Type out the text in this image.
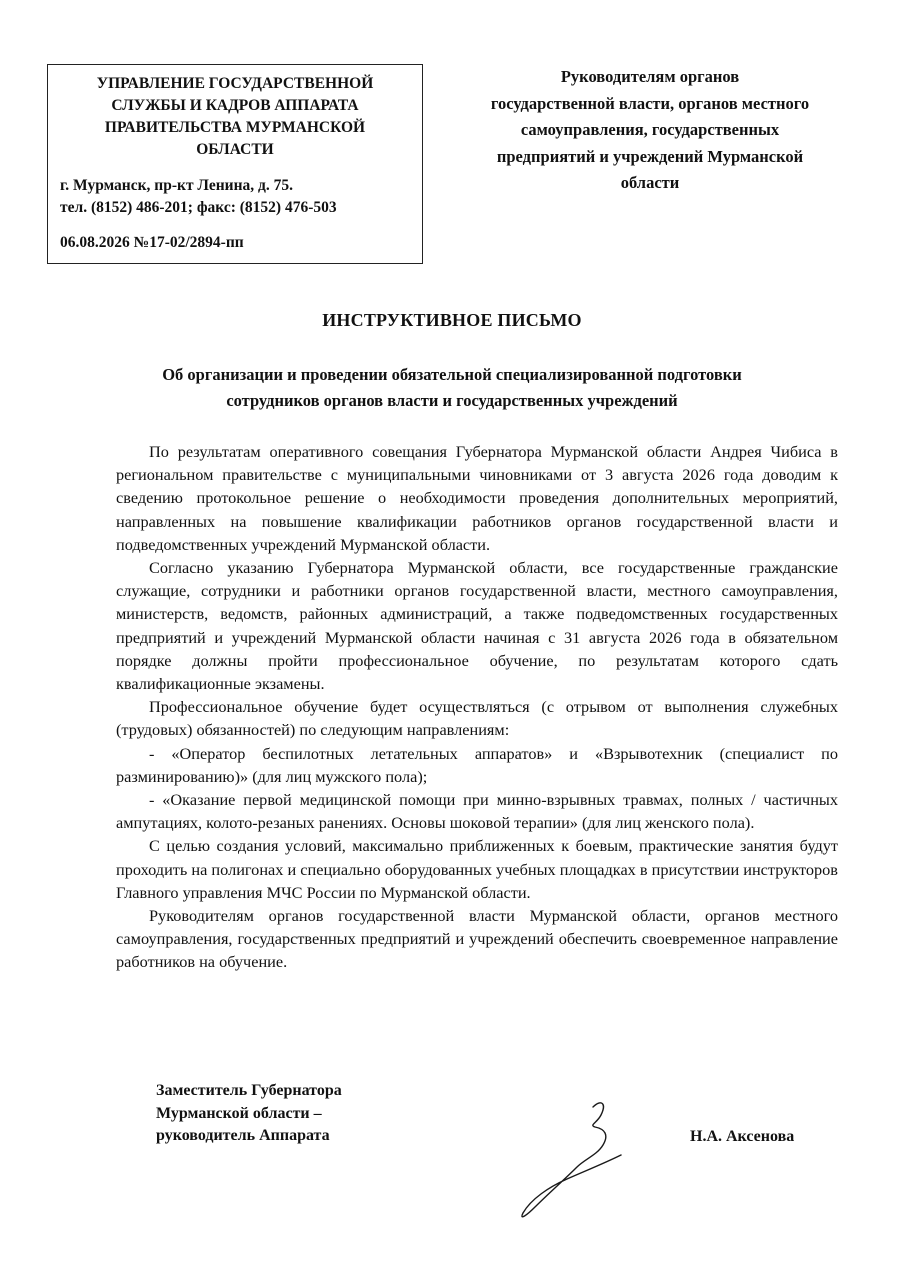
УПРАВЛЕНИЕ ГОСУДАРСТВЕННОЙ
СЛУЖБЫ И КАДРОВ АППАРАТА
ПРАВИТЕЛЬСТВА МУРМАНСКОЙ
ОБЛАСТИ
г. Мурманск, пр-кт Ленина, д. 75.
тел. (8152) 486-201; факс: (8152) 476-503
06.08.2026 №17-02/2894-пп
Руководителям органов
государственной власти, органов местного
самоуправления, государственных
предприятий и учреждений Мурманской
области
ИНСТРУКТИВНОЕ ПИСЬМО
Об организации и проведении обязательной специализированной подготовки
сотрудников органов власти и государственных учреждений

По результатам оперативного совещания Губернатора Мурманской области Андрея Чибиса в региональном правительстве с муниципальными чиновниками от 3 августа 2026 года доводим к сведению протокольное решение о необходимости проведения дополнительных мероприятий, направленных на повышение квалификации работников органов государственной власти и подведомственных учреждений Мурманской области.

Согласно указанию Губернатора Мурманской области, все государственные гражданские служащие, сотрудники и работники органов государственной власти, местного самоуправления, министерств, ведомств, районных администраций, а также подведомственных государственных предприятий и учреждений Мурманской области начиная с 31 августа 2026 года в обязательном порядке должны пройти профессиональное обучение, по результатам которого сдать квалификационные экзамены.

Профессиональное обучение будет осуществляться (с отрывом от выполнения служебных (трудовых) обязанностей) по следующим направлениям:

- «Оператор беспилотных летательных аппаратов» и «Взрывотехник (специалист по разминированию)» (для лиц мужского пола);

- «Оказание первой медицинской помощи при минно-взрывных травмах, полных / частичных ампутациях, колото-резаных ранениях. Основы шоковой терапии» (для лиц женского пола).

С целью создания условий, максимально приближенных к боевым, практические занятия будут проходить на полигонах и специально оборудованных учебных площадках в присутствии инструкторов Главного управления МЧС России по Мурманской области.

Руководителям органов государственной власти Мурманской области, органов местного самоуправления, государственных предприятий и учреждений обеспечить своевременное направление работников на обучение.

Заместитель Губернатора
Мурманской области –
руководитель Аппарата	Н.А. Аксенова
